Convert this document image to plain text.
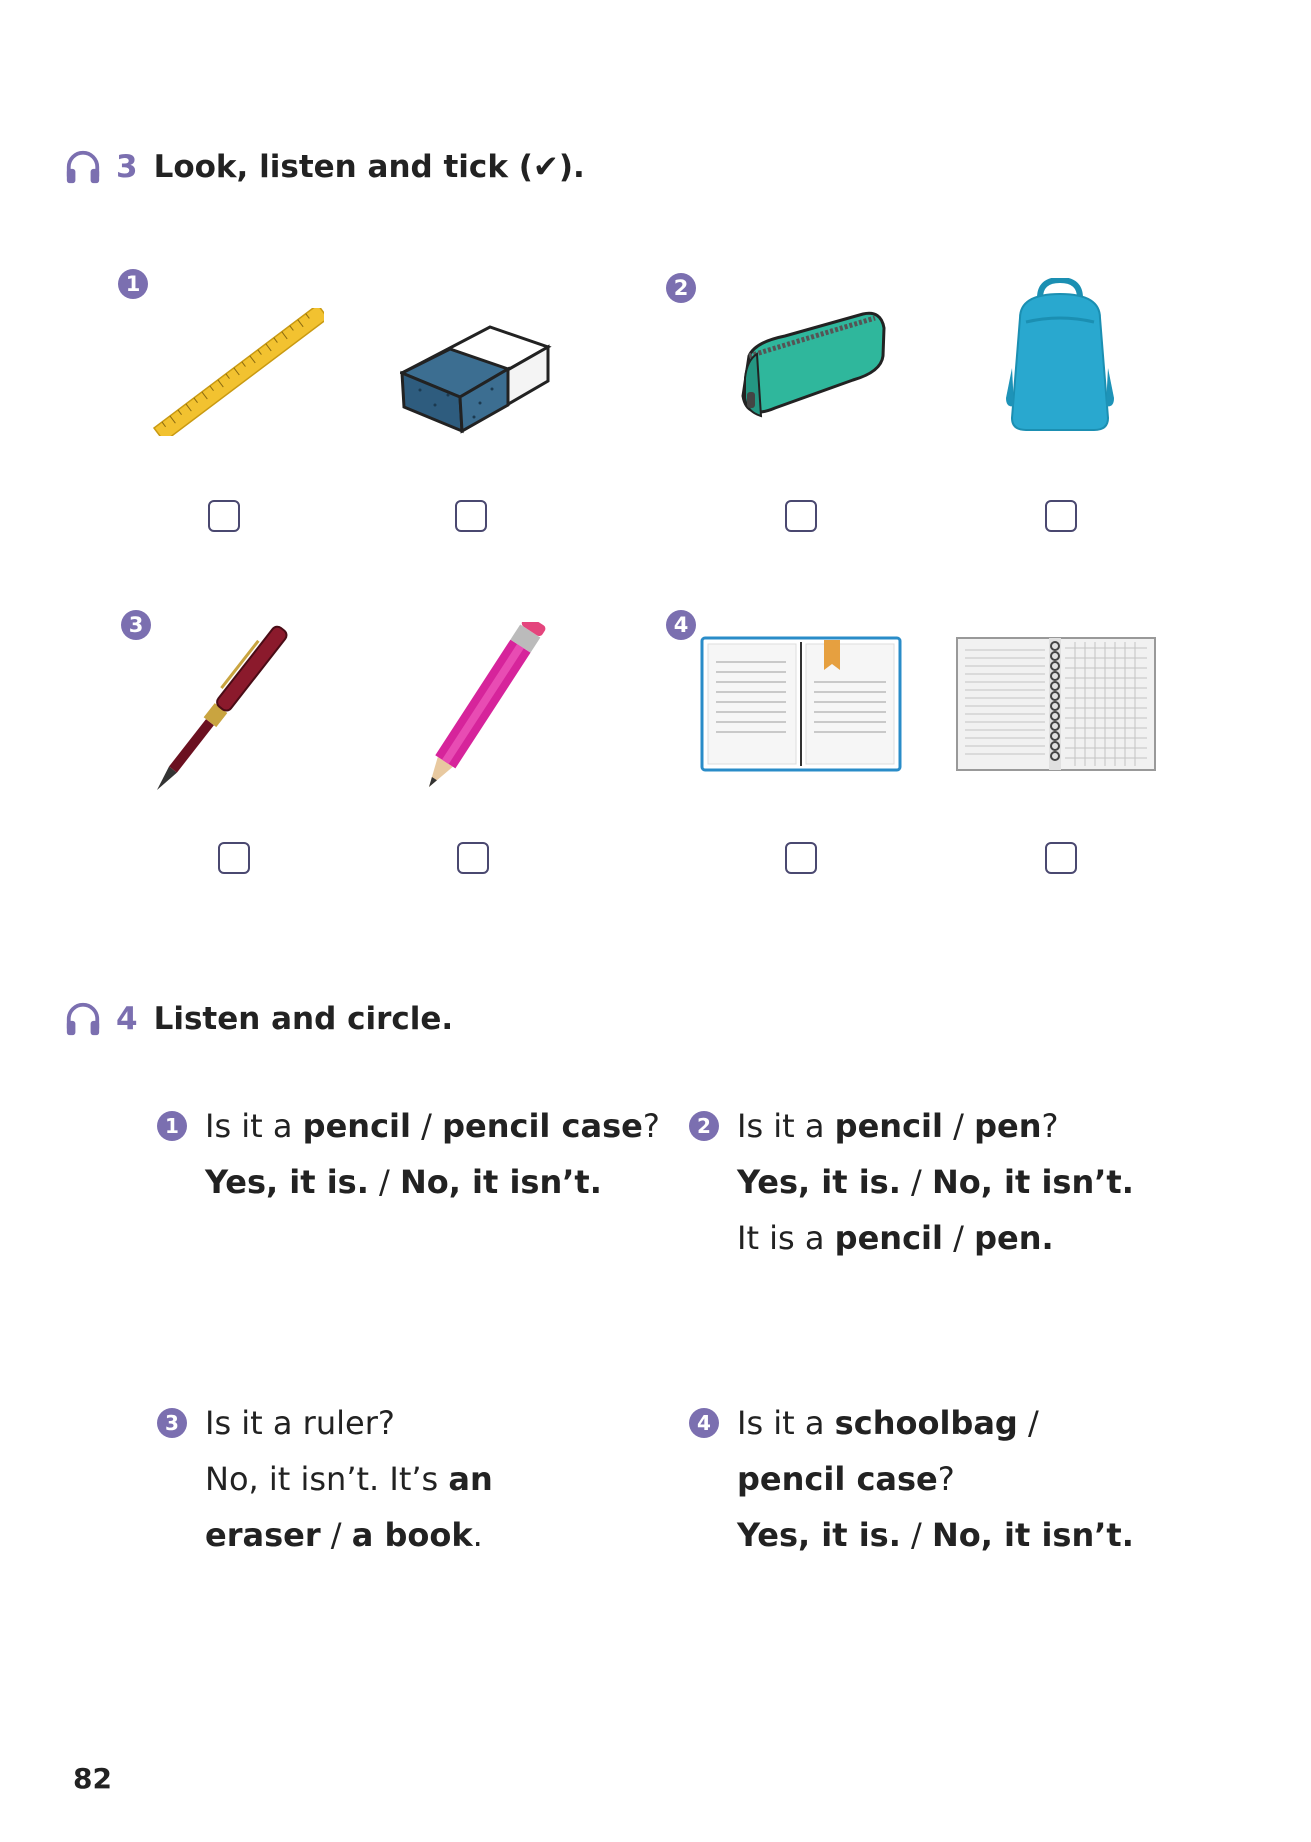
3 Look, listen and tick (✔).
1	2
3	4
4 Listen and circle.
1 Is it a pencil / pencil case?
Yes, it is. / No, it isn’t.
2 Is it a pencil / pen?
Yes, it is. / No, it isn’t.
It is a pencil / pen.
3 Is it a ruler?
No, it isn’t. It’s an
eraser / a book.
4 Is it a schoolbag /
pencil case?
Yes, it is. / No, it isn’t.
82
